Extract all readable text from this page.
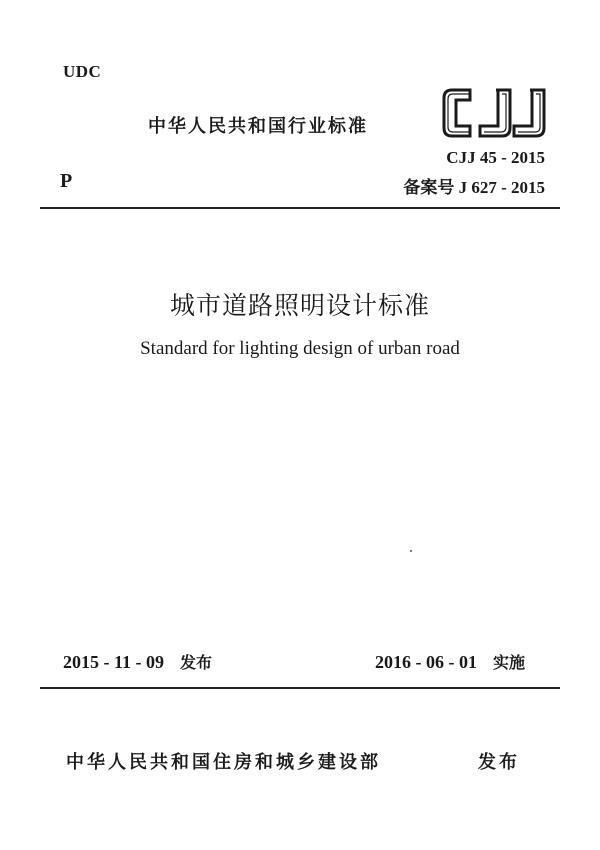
UDC
中华人民共和国行业标准
CJJ
CJJ 45 - 2015
P	备案号 J 627 - 2015
城市道路照明设计标准
Standard for lighting design of urban road
2015 - 11 - 09 发布	2016 - 06 - 01 实施
中华人民共和国住房和城乡建设部	发布
